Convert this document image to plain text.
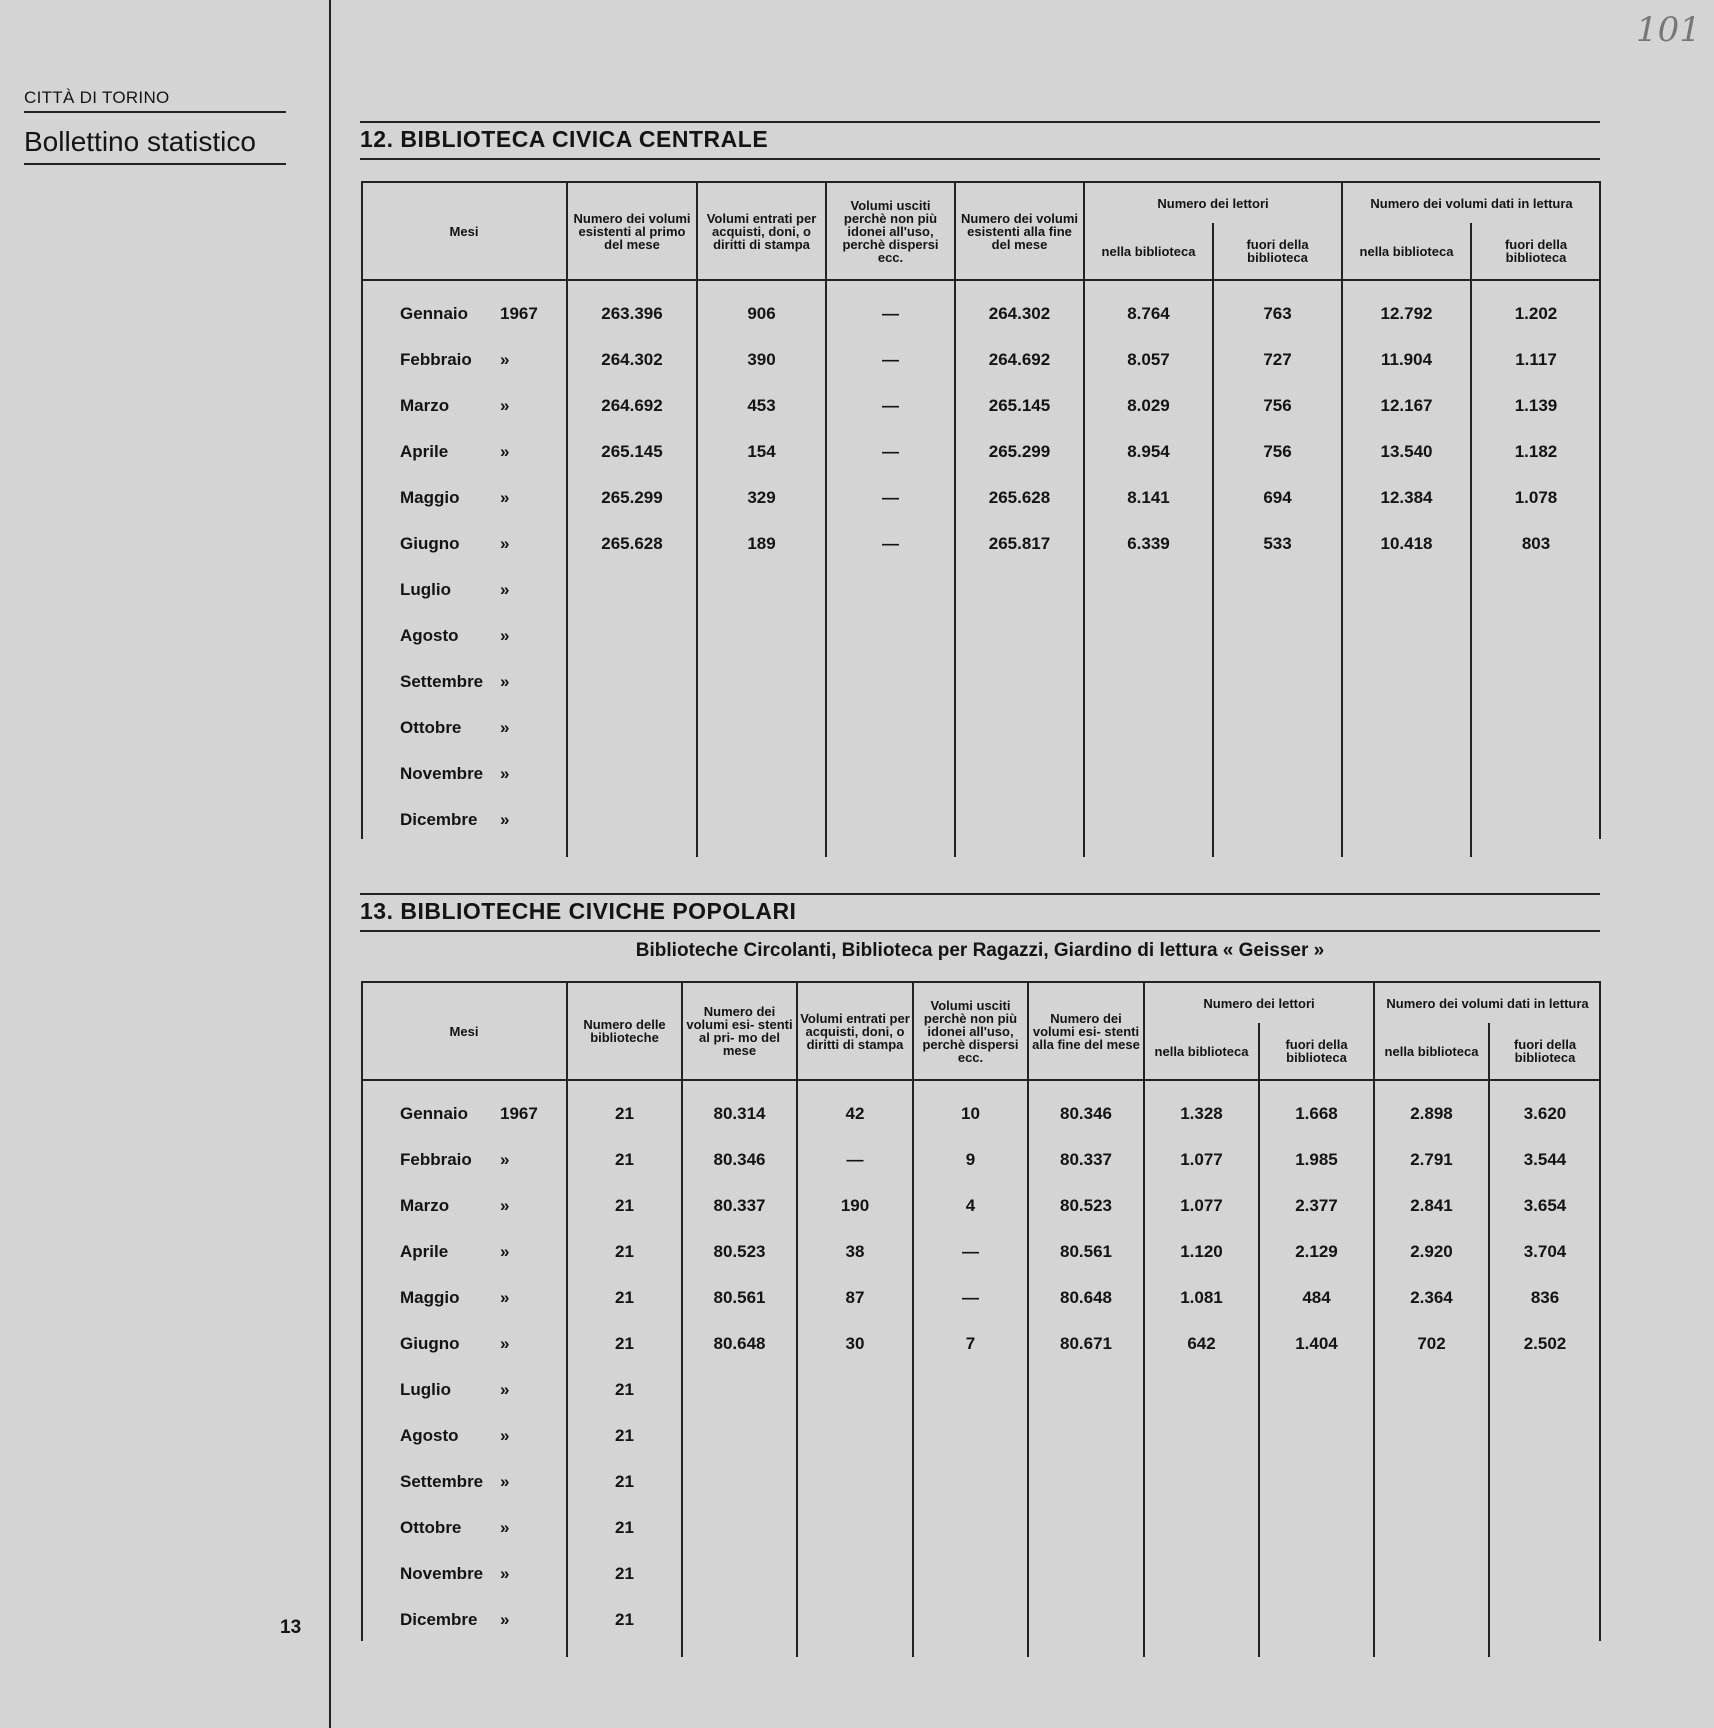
101
CITTÀ DI TORINO
Bollettino statistico
13
12. BIBLIOTECA CIVICA CENTRALE
Mesi	Numero dei volumi esistenti al primo del mese	Volumi entrati per acquisti, doni, o diritti di stampa	Volumi usciti perchè non più idonei all'uso, perchè dispersi ecc.	Numero dei volumi esistenti alla fine del mese	Numero dei lettori		Numero dei volumi dati in lettura	
					nella biblioteca	fuori della biblioteca	nella biblioteca	fuori della biblioteca

Gennaio 1967	263.396	906	—	264.302	8.764	763	12.792	1.202
Febbraio »	264.302	390	—	264.692	8.057	727	11.904	1.117
Marzo »	264.692	453	—	265.145	8.029	756	12.167	1.139
Aprile »	265.145	154	—	265.299	8.954	756	13.540	1.182
Maggio »	265.299	329	—	265.628	8.141	694	12.384	1.078
Giugno »	265.628	189	—	265.817	6.339	533	10.418	803
Luglio »								
Agosto »								
Settembre »								
Ottobre »								
Novembre »								
Dicembre »								

13. BIBLIOTECHE CIVICHE POPOLARI
Biblioteche Circolanti, Biblioteca per Ragazzi, Giardino di lettura « Geisser »
Mesi	Numero delle biblioteche	Numero dei volumi esi- stenti al pri- mo del mese	Volumi entrati per acquisti, doni, o diritti di stampa	Volumi usciti perchè non più idonei all'uso, perchè dispersi ecc.	Numero dei volumi esi- stenti alla fine del mese	Numero dei lettori		Numero dei volumi dati in lettura	
						nella biblioteca	fuori della biblioteca	nella biblioteca	fuori della biblioteca

Gennaio 1967	21	80.314	42	10	80.346	1.328	1.668	2.898	3.620
Febbraio »	21	80.346	—	9	80.337	1.077	1.985	2.791	3.544
Marzo »	21	80.337	190	4	80.523	1.077	2.377	2.841	3.654
Aprile »	21	80.523	38	—	80.561	1.120	2.129	2.920	3.704
Maggio »	21	80.561	87	—	80.648	1.081	484	2.364	836
Giugno »	21	80.648	30	7	80.671	642	1.404	702	2.502
Luglio »	21								
Agosto »	21								
Settembre »	21								
Ottobre »	21								
Novembre »	21								
Dicembre »	21								
